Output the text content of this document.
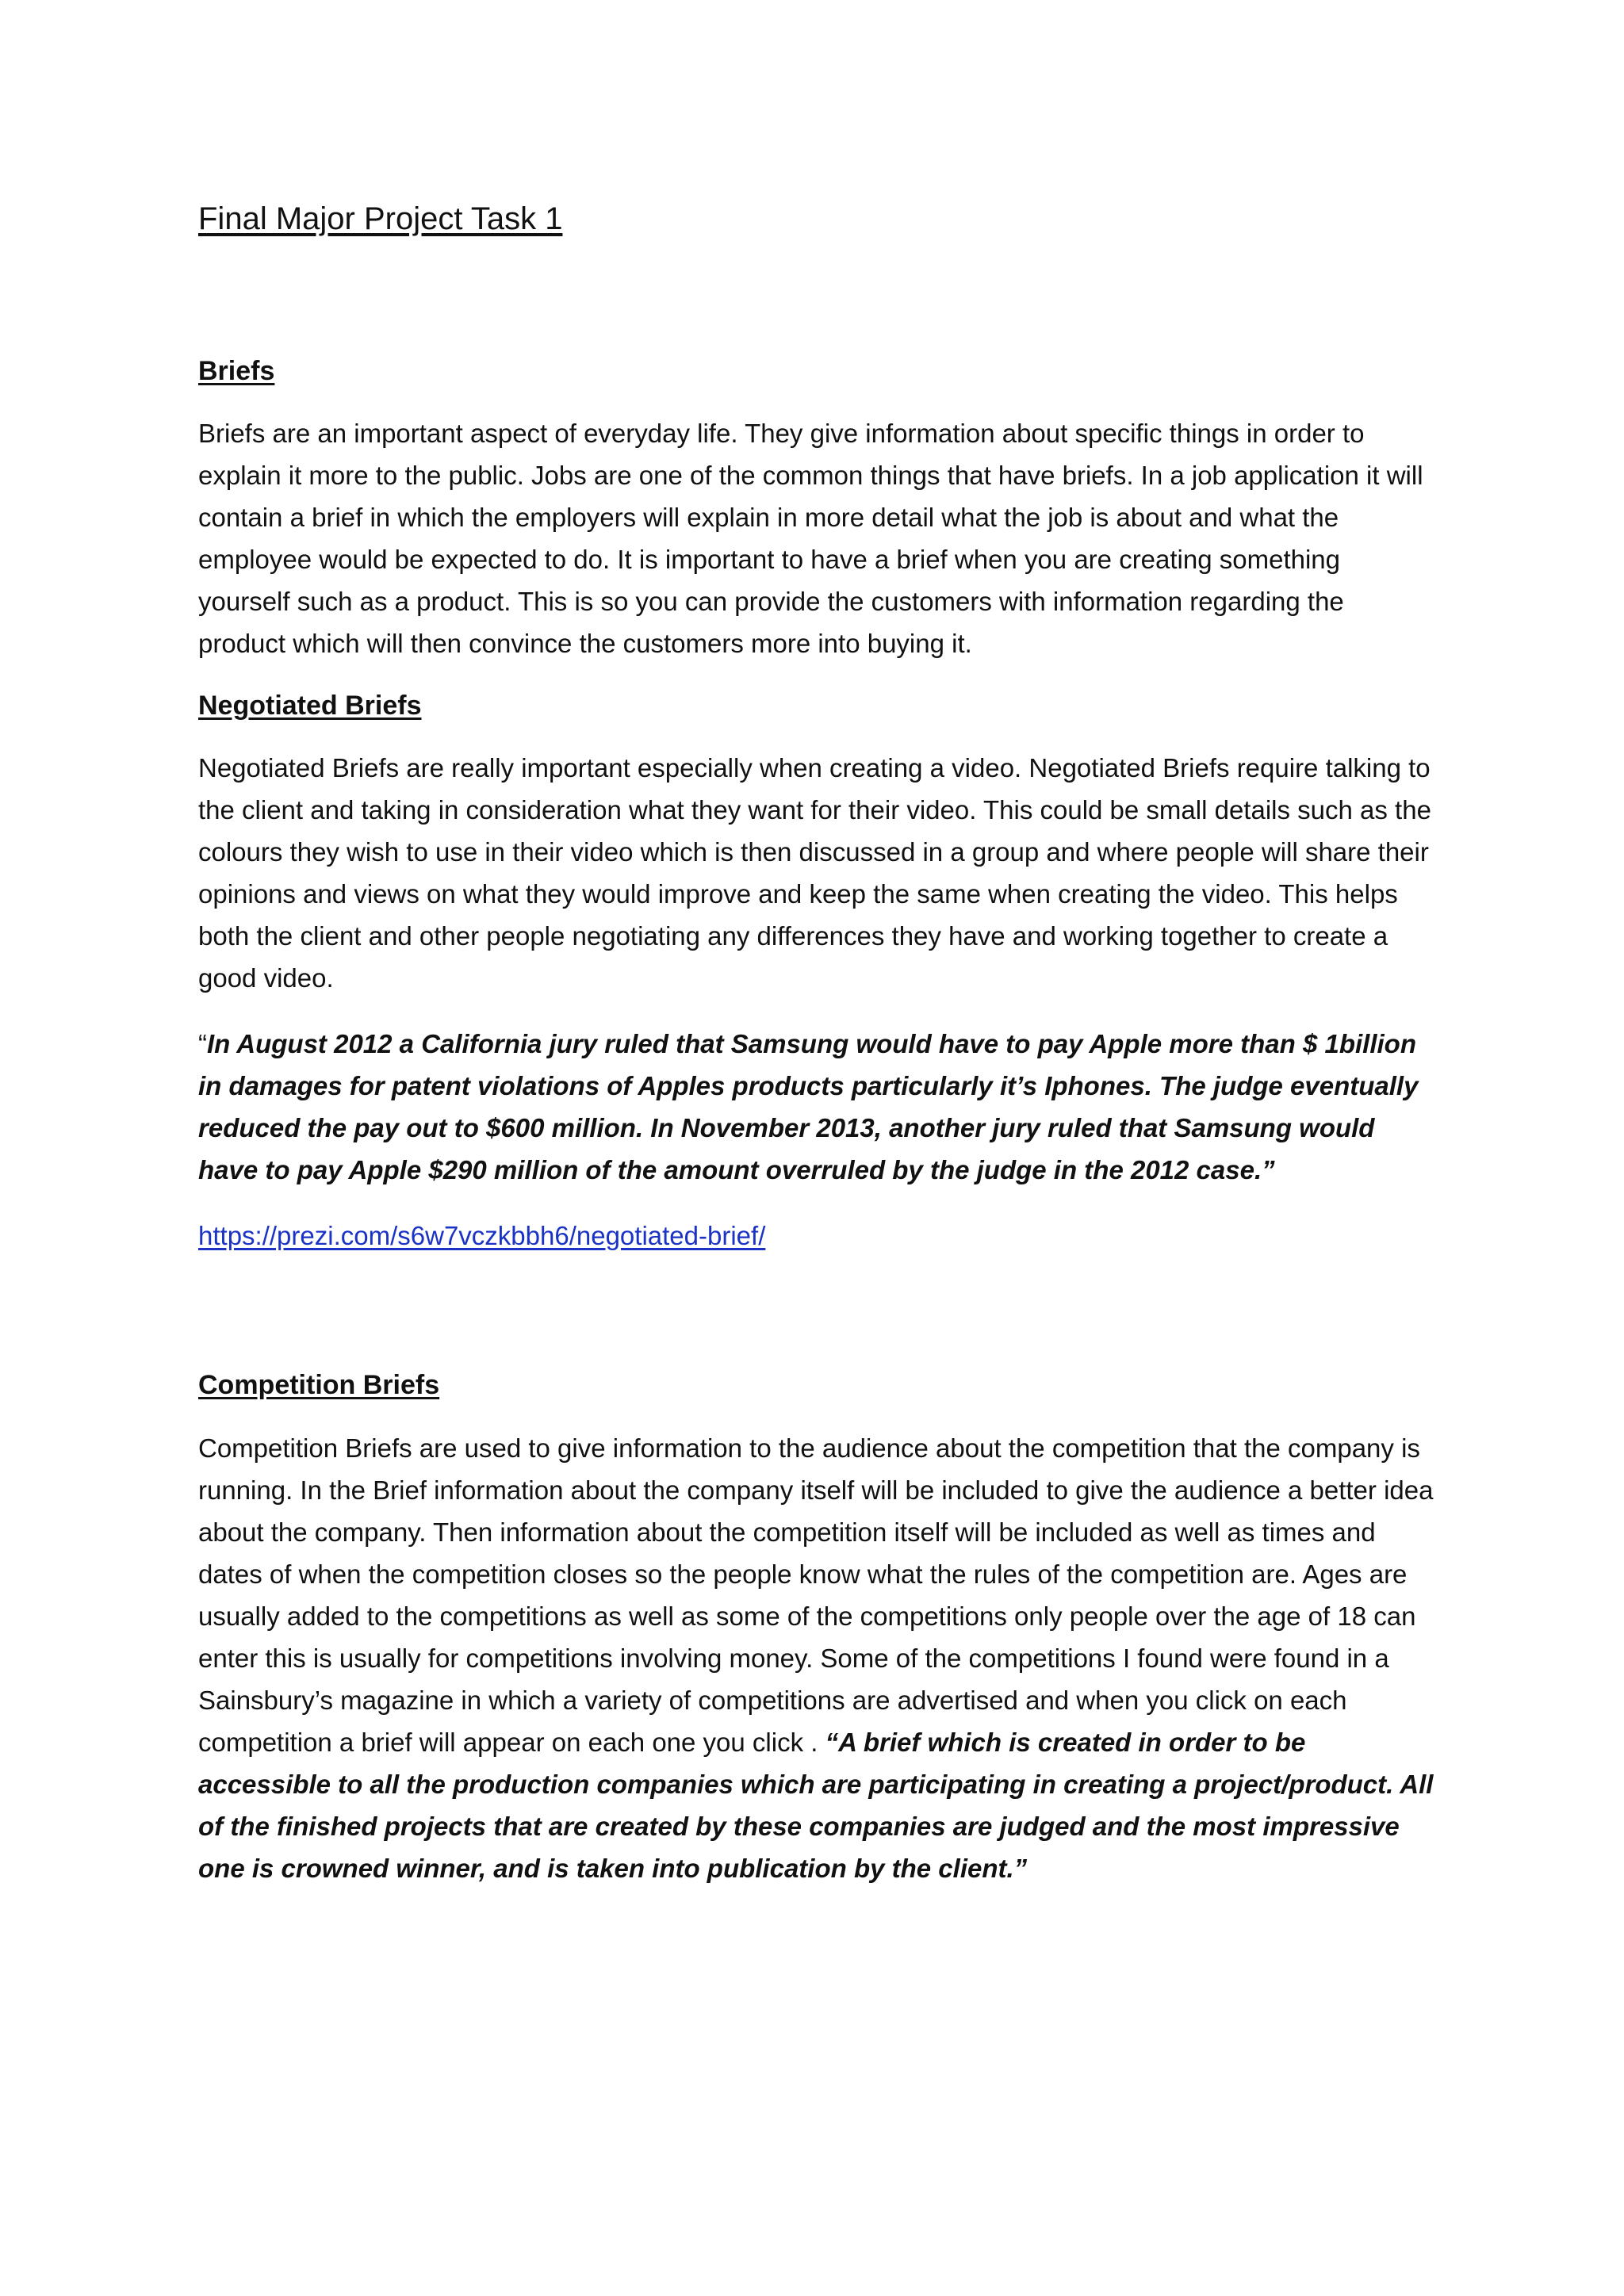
Final Major Project Task 1
Briefs

Briefs are an important aspect of everyday life. They give information about specific things in order to explain it more to the public. Jobs are one of the common things that have briefs. In a job application it will contain a brief in which the employers will explain in more detail what the job is about and what the employee would be expected to do. It is important to have a brief when you are creating something yourself such as a product. This is so you can provide the customers with information regarding the product which will then convince the customers more into buying it.

Negotiated Briefs

Negotiated Briefs are really important especially when creating a video. Negotiated Briefs require talking to the client and taking in consideration what they want for their video. This could be small details such as the colours they wish to use in their video which is then discussed in a group and where people will share their opinions and views on what they would improve and keep the same when creating the video. This helps both the client and other people negotiating any differences they have and working together to create a good video.

“In August 2012 a California jury ruled that Samsung would have to pay Apple more than $ 1billion in damages for patent violations of Apples products particularly it’s Iphones. The judge eventually reduced the pay out to $600 million. In November 2013, another jury ruled that Samsung would have to pay Apple $290 million of the amount overruled by the judge in the 2012 case.”

https://prezi.com/s6w7vczkbbh6/negotiated-brief/
Competition Briefs

Competition Briefs are used to give information to the audience about the competition that the company is running. In the Brief information about the company itself will be included to give the audience a better idea about the company. Then information about the competition itself will be included as well as times and dates of when the competition closes so the people know what the rules of the competition are. Ages are usually added to the competitions as well as some of the competitions only people over the age of 18 can enter this is usually for competitions involving money. Some of the competitions I found were found in a Sainsbury’s magazine in which a variety of competitions are advertised and when you click on each competition a brief will appear on each one you click . “A brief which is created in order to be accessible to all the production companies which are participating in creating a project/product. All of the finished projects that are created by these companies are judged and the most impressive one is crowned winner, and is taken into publication by the client.”
